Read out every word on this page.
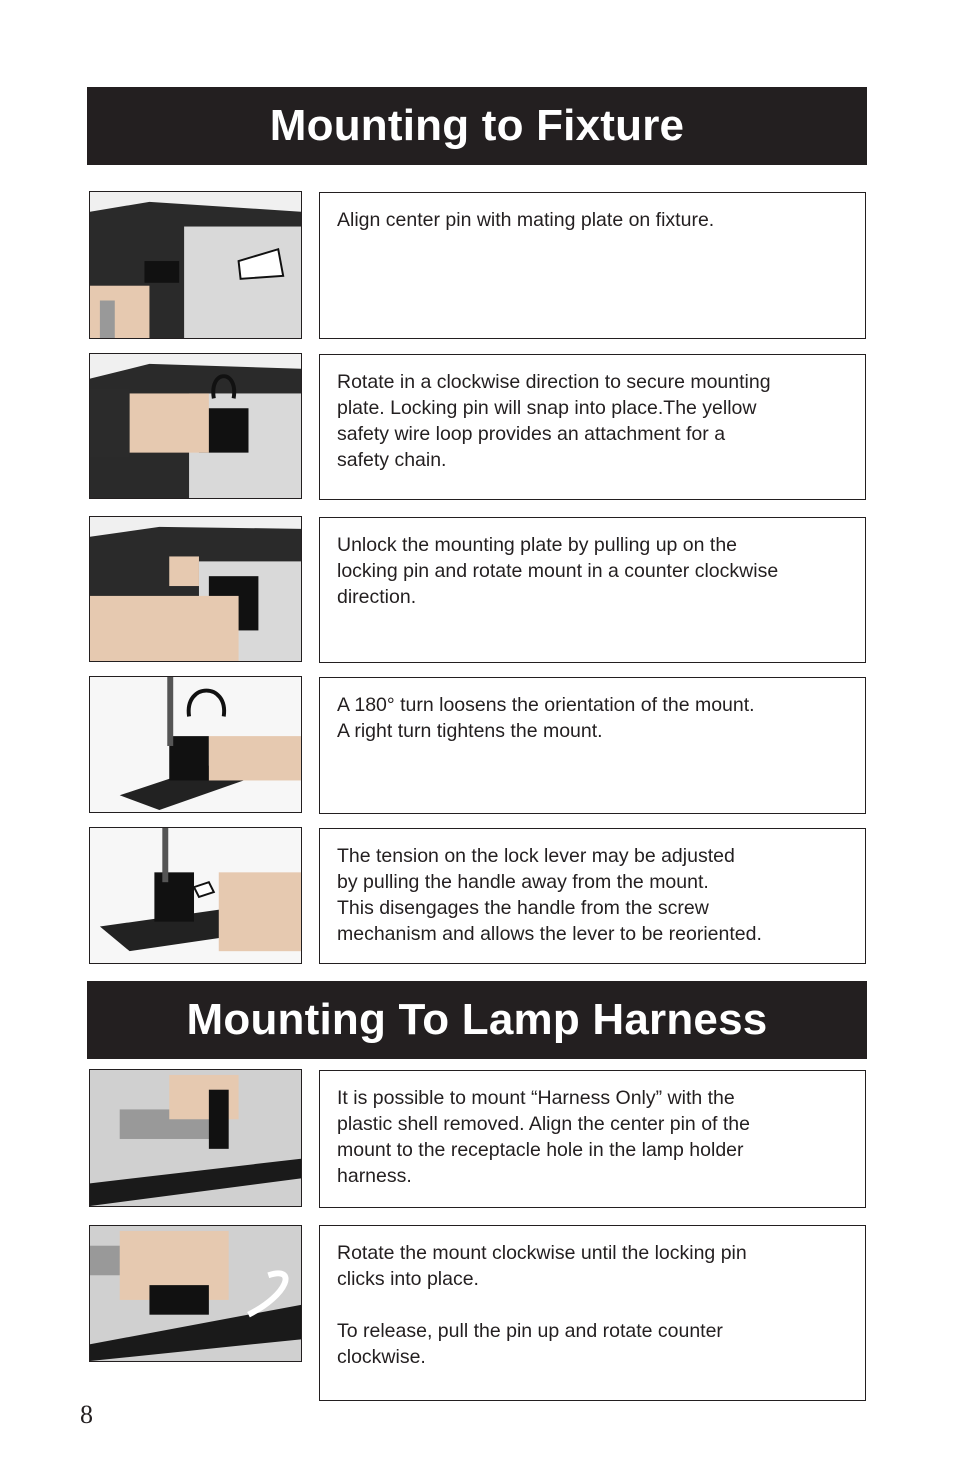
Mounting to Fixture
Mounting To Lamp Harness

Align center pin with mating plate on fixture.

Rotate in a clockwise direction to secure mounting
plate. Locking pin will snap into place.The yellow
safety wire loop provides an attachment for a
safety chain.

Unlock the mounting plate by pulling up on the
locking pin and rotate mount in a counter clockwise
direction.

A 180° turn loosens the orientation of the mount.
A right turn tightens the mount.

The tension on the lock lever may be adjusted
by pulling the handle away from the mount.
This disengages the handle from the screw
mechanism and allows the lever to be reoriented.

It is possible to mount “Harness Only” with the
plastic shell removed. Align the center pin of the
mount to the receptacle hole in the lamp holder
harness.

Rotate the mount clockwise until the locking pin
clicks into place.

To release, pull the pin up and rotate counter
clockwise.

8
